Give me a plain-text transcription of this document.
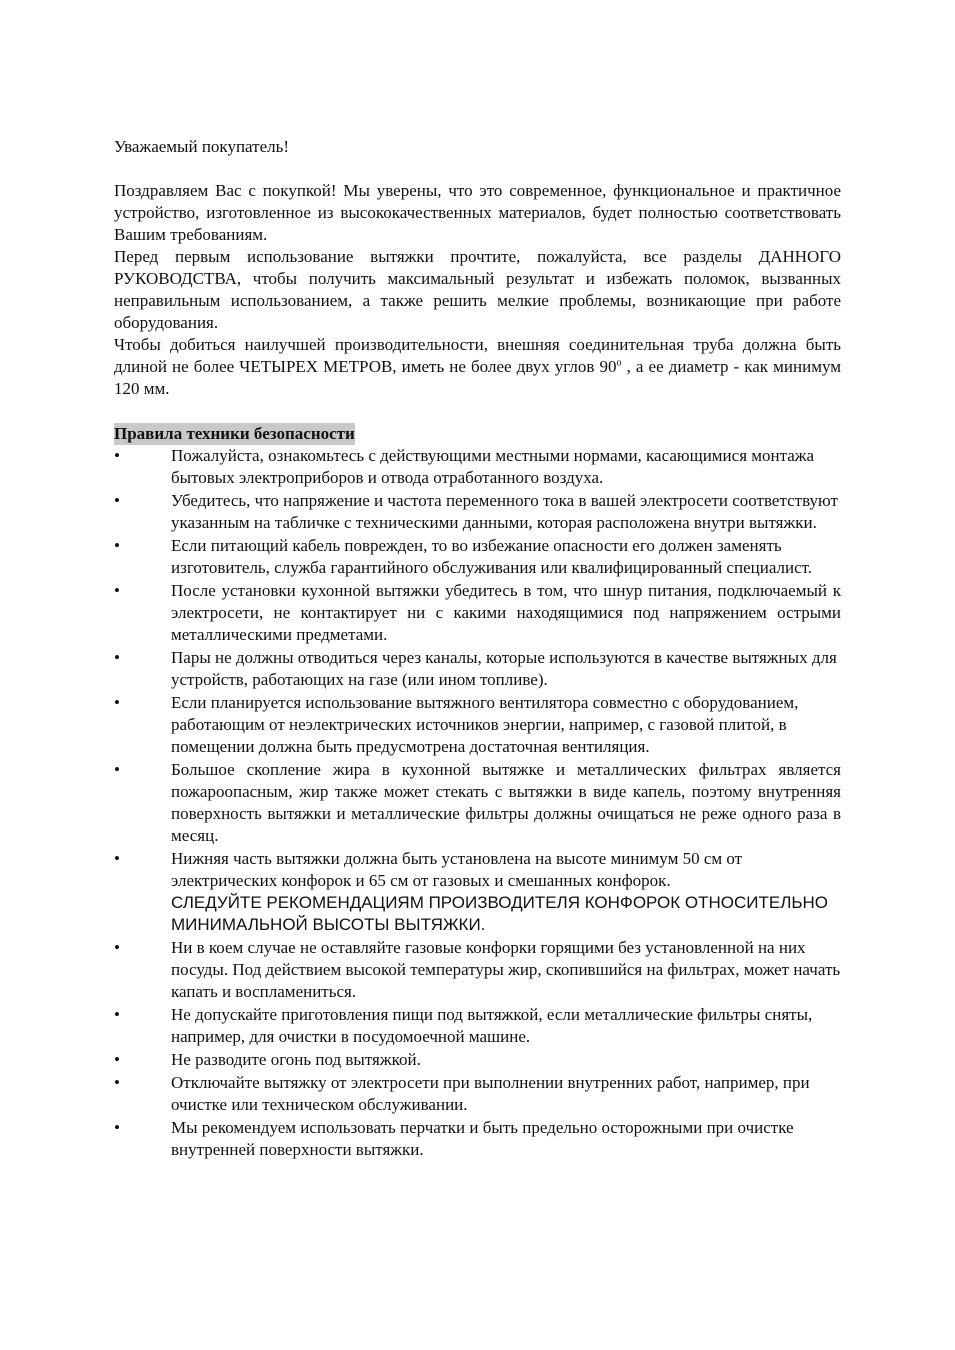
Уважаемый покупатель!

Поздравляем Вас с покупкой! Мы уверены, что это современное, функциональное и практичное устройство, изготовленное из высококачественных материалов, будет полностью соответствовать Вашим требованиям.

Перед первым использование вытяжки прочтите, пожалуйста, все разделы ДАННОГО РУКОВОДСТВА, чтобы получить максимальный результат и избежать поломок, вызванных неправильным использованием, а также решить мелкие проблемы, возникающие при работе оборудования.

Чтобы добиться наилучшей производительности, внешняя соединительная труба должна быть длиной не более ЧЕТЫРЕХ МЕТРОВ, иметь не более двух углов $90^о$ , а ее диаметр - как минимум 120 мм.

Правила техники безопасности
•	Пожалуйста, ознакомьтесь с действующими местными нормами, касающимися монтажа бытовых электроприборов и отвода отработанного воздуха.
•	Убедитесь, что напряжение и частота переменного тока в вашей электросети соответствуют указанным на табличке с техническими данными, которая расположена внутри вытяжки.
•	Если питающий кабель поврежден, то во избежание опасности его должен заменять изготовитель, служба гарантийного обслуживания или квалифицированный специалист.
•	После установки кухонной вытяжки убедитесь в том, что шнур питания, подключаемый к электросети, не контактирует ни с какими находящимися под напряжением острыми металлическими предметами.
•	Пары не должны отводиться через каналы, которые используются в качестве вытяжных для устройств, работающих на газе (или ином топливе).
•	Если планируется использование вытяжного вентилятора совместно с оборудованием, работающим от неэлектрических источников энергии, например, с газовой плитой, в помещении должна быть предусмотрена достаточная вентиляция.
•	Большое скопление жира в кухонной вытяжке и металлических фильтрах является пожароопасным, жир также может стекать с вытяжки в виде капель, поэтому внутренняя поверхность вытяжки и металлические фильтры должны очищаться не реже одного раза в месяц.
•	Нижняя часть вытяжки должна быть установлена на высоте минимум 50 см от электрических конфорок и 65 см от газовых и смешанных конфорок.
СЛЕДУЙТЕ РЕКОМЕНДАЦИЯМ ПРОИЗВОДИТЕЛЯ КОНФОРОК ОТНОСИТЕЛЬНО МИНИМАЛЬНОЙ ВЫСОТЫ ВЫТЯЖКИ.
•	Ни в коем случае не оставляйте газовые конфорки горящими без установленной на них посуды. Под действием высокой температуры жир, скопившийся на фильтрах, может начать капать и воспламениться.
•	Не допускайте приготовления пищи под вытяжкой, если металлические фильтры сняты, например, для очистки в посудомоечной машине.
•	Не разводите огонь под вытяжкой.
•	Отключайте вытяжку от электросети при выполнении внутренних работ, например, при очистке или техническом обслуживании.
•	Мы рекомендуем использовать перчатки и быть предельно осторожными при очистке внутренней поверхности вытяжки.
